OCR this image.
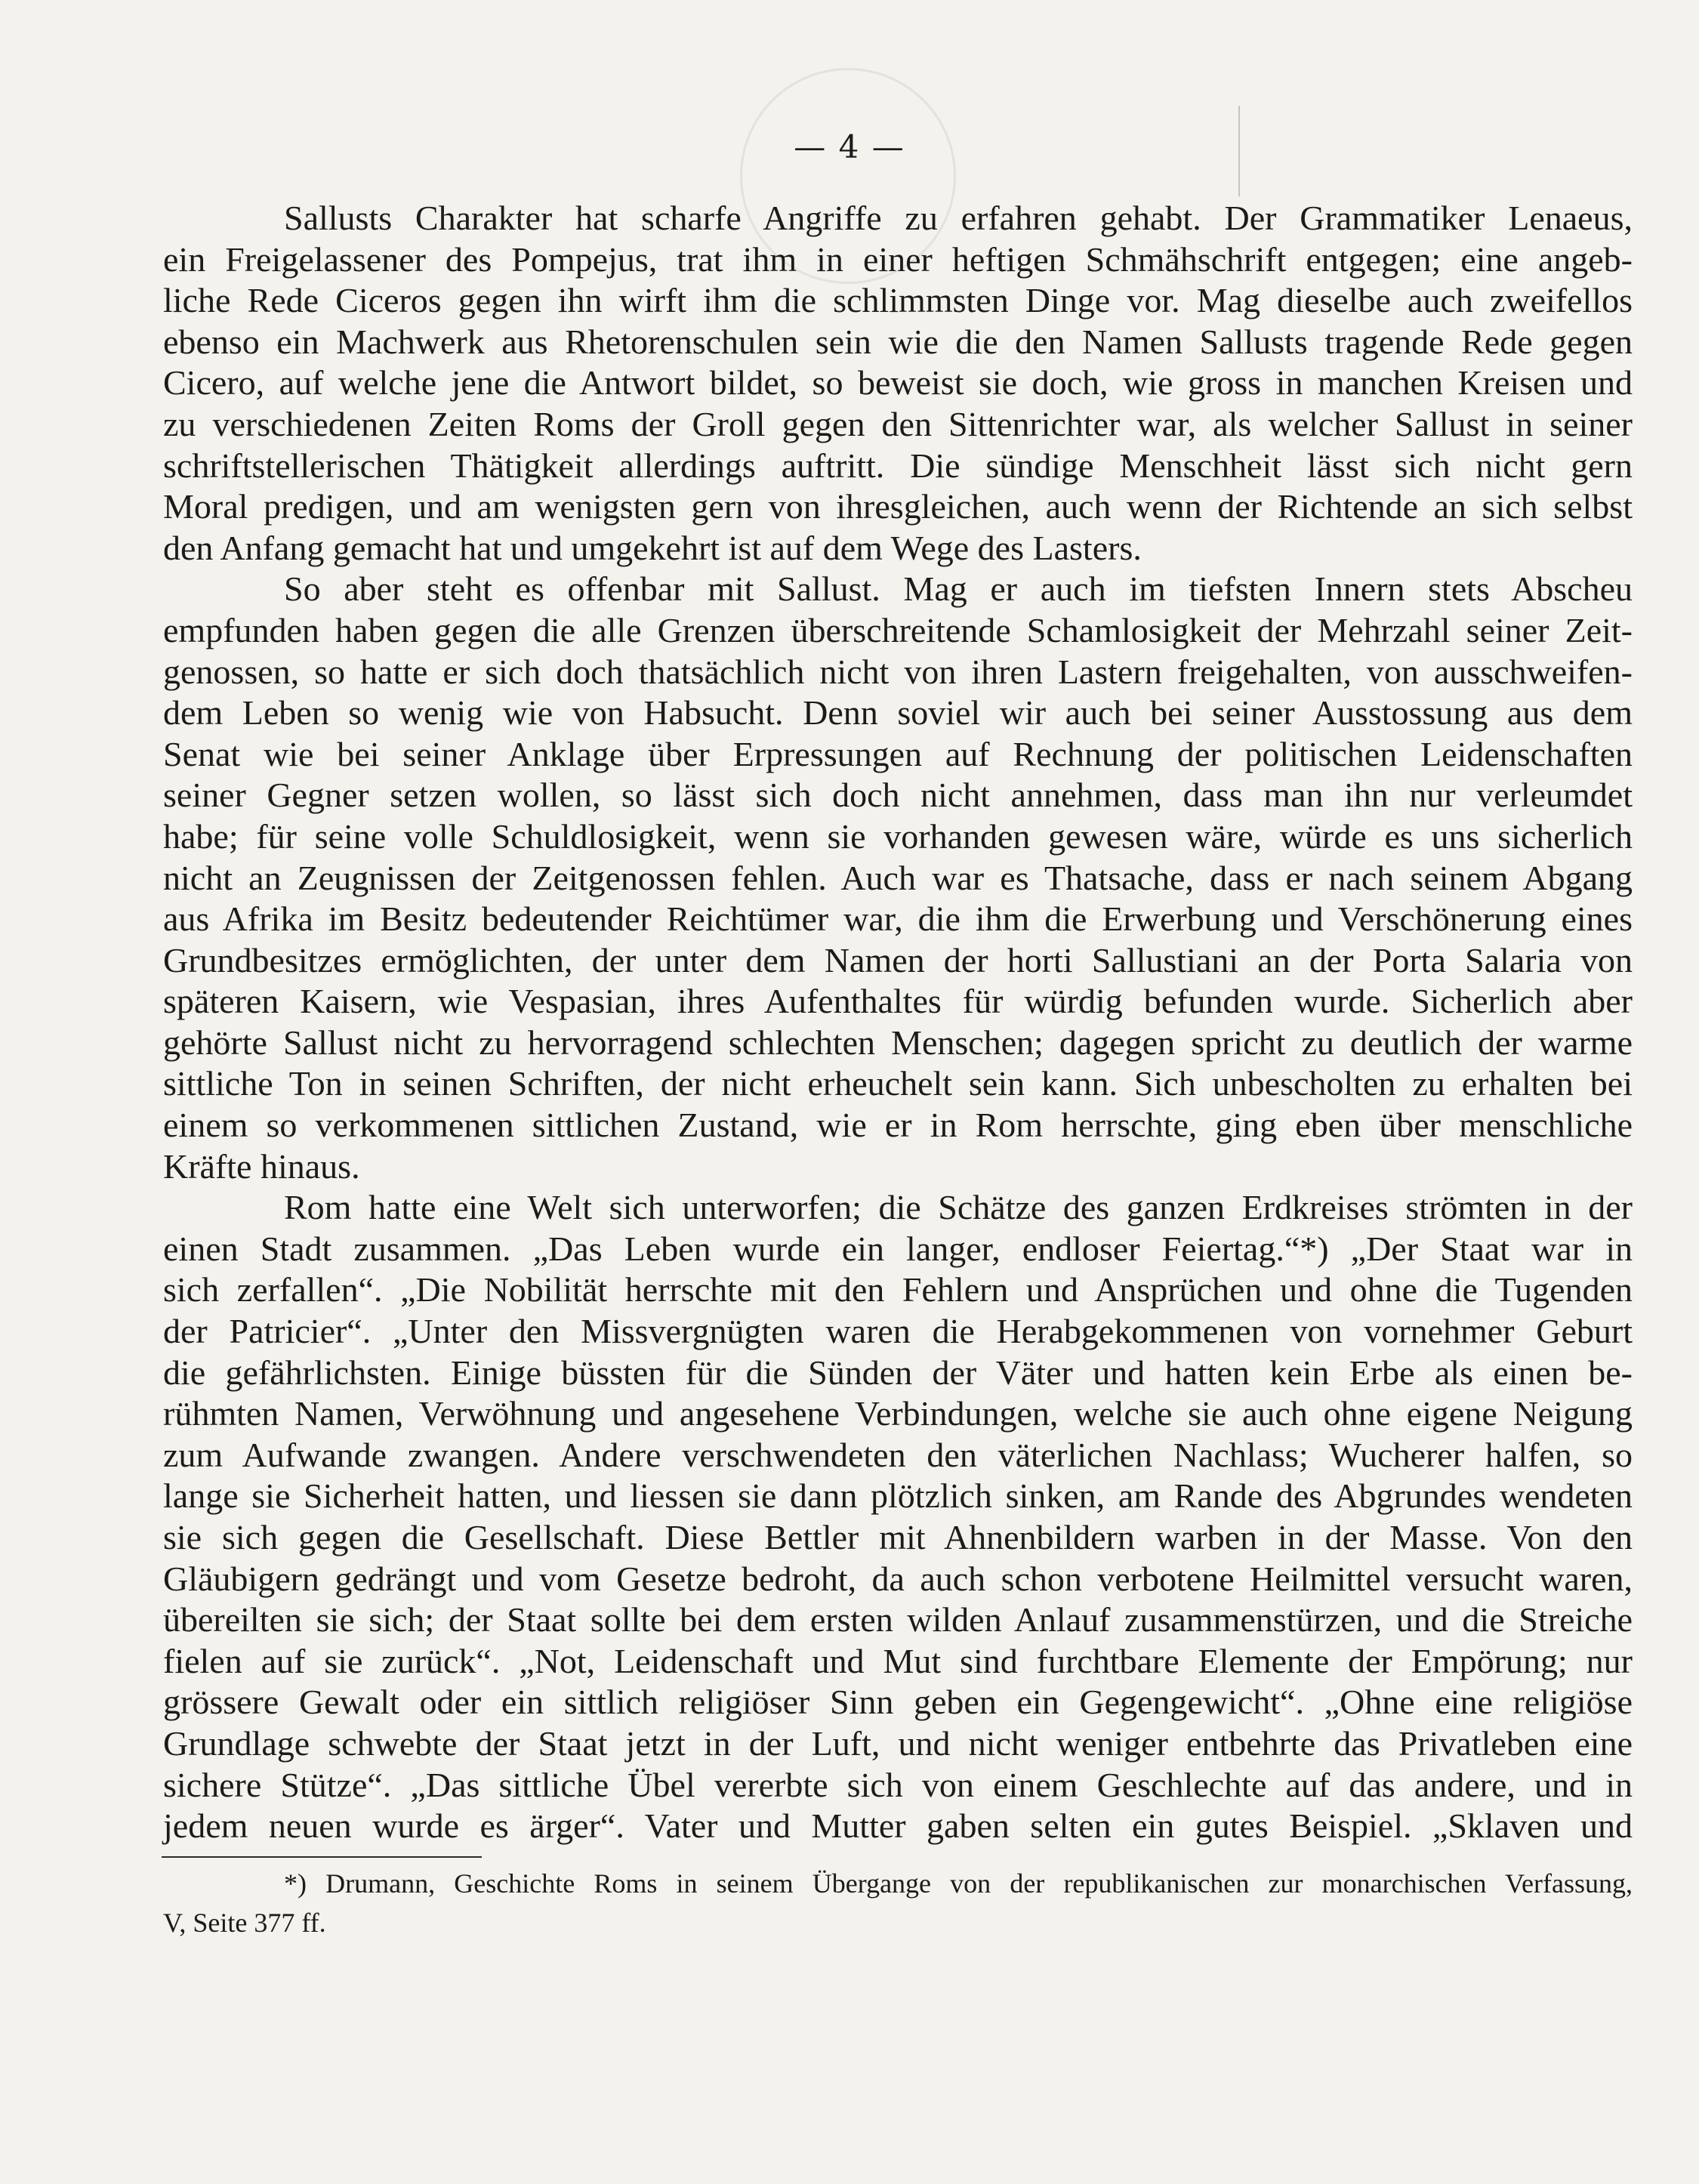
— 4 —
Sallusts Charakter hat scharfe Angriffe zu erfahren gehabt. Der Grammatiker Lenaeus,
ein Freigelassener des Pompejus, trat ihm in einer heftigen Schmähschrift entgegen; eine angeb-
liche Rede Ciceros gegen ihn wirft ihm die schlimmsten Dinge vor. Mag dieselbe auch zweifellos
ebenso ein Machwerk aus Rhetorenschulen sein wie die den Namen Sallusts tragende Rede gegen
Cicero, auf welche jene die Antwort bildet, so beweist sie doch, wie gross in manchen Kreisen und
zu verschiedenen Zeiten Roms der Groll gegen den Sittenrichter war, als welcher Sallust in seiner
schriftstellerischen Thätigkeit allerdings auftritt. Die sündige Menschheit lässt sich nicht gern
Moral predigen, und am wenigsten gern von ihresgleichen, auch wenn der Richtende an sich selbst
den Anfang gemacht hat und umgekehrt ist auf dem Wege des Lasters.
So aber steht es offenbar mit Sallust. Mag er auch im tiefsten Innern stets Abscheu
empfunden haben gegen die alle Grenzen überschreitende Schamlosigkeit der Mehrzahl seiner Zeit-
genossen, so hatte er sich doch thatsächlich nicht von ihren Lastern freigehalten, von ausschweifen-
dem Leben so wenig wie von Habsucht. Denn soviel wir auch bei seiner Ausstossung aus dem
Senat wie bei seiner Anklage über Erpressungen auf Rechnung der politischen Leidenschaften
seiner Gegner setzen wollen, so lässt sich doch nicht annehmen, dass man ihn nur verleumdet
habe; für seine volle Schuldlosigkeit, wenn sie vorhanden gewesen wäre, würde es uns sicherlich
nicht an Zeugnissen der Zeitgenossen fehlen. Auch war es Thatsache, dass er nach seinem Abgang
aus Afrika im Besitz bedeutender Reichtümer war, die ihm die Erwerbung und Verschönerung eines
Grundbesitzes ermöglichten, der unter dem Namen der horti Sallustiani an der Porta Salaria von
späteren Kaisern, wie Vespasian, ihres Aufenthaltes für würdig befunden wurde. Sicherlich aber
gehörte Sallust nicht zu hervorragend schlechten Menschen; dagegen spricht zu deutlich der warme
sittliche Ton in seinen Schriften, der nicht erheuchelt sein kann. Sich unbescholten zu erhalten bei
einem so verkommenen sittlichen Zustand, wie er in Rom herrschte, ging eben über menschliche
Kräfte hinaus.
Rom hatte eine Welt sich unterworfen; die Schätze des ganzen Erdkreises strömten in der
einen Stadt zusammen. „Das Leben wurde ein langer, endloser Feiertag.“*) „Der Staat war in
sich zerfallen“. „Die Nobilität herrschte mit den Fehlern und Ansprüchen und ohne die Tugenden
der Patricier“. „Unter den Missvergnügten waren die Herabgekommenen von vornehmer Geburt
die gefährlichsten. Einige büssten für die Sünden der Väter und hatten kein Erbe als einen be-
rühmten Namen, Verwöhnung und angesehene Verbindungen, welche sie auch ohne eigene Neigung
zum Aufwande zwangen. Andere verschwendeten den väterlichen Nachlass; Wucherer halfen, so
lange sie Sicherheit hatten, und liessen sie dann plötzlich sinken, am Rande des Abgrundes wendeten
sie sich gegen die Gesellschaft. Diese Bettler mit Ahnenbildern warben in der Masse. Von den
Gläubigern gedrängt und vom Gesetze bedroht, da auch schon verbotene Heilmittel versucht waren,
übereilten sie sich; der Staat sollte bei dem ersten wilden Anlauf zusammenstürzen, und die Streiche
fielen auf sie zurück“. „Not, Leidenschaft und Mut sind furchtbare Elemente der Empörung; nur
grössere Gewalt oder ein sittlich religiöser Sinn geben ein Gegengewicht“. „Ohne eine religiöse
Grundlage schwebte der Staat jetzt in der Luft, und nicht weniger entbehrte das Privatleben eine
sichere Stütze“. „Das sittliche Übel vererbte sich von einem Geschlechte auf das andere, und in
jedem neuen wurde es ärger“. Vater und Mutter gaben selten ein gutes Beispiel. „Sklaven und
*) Drumann, Geschichte Roms in seinem Übergange von der republikanischen zur monarchischen Verfassung,
V, Seite 377 ff.
